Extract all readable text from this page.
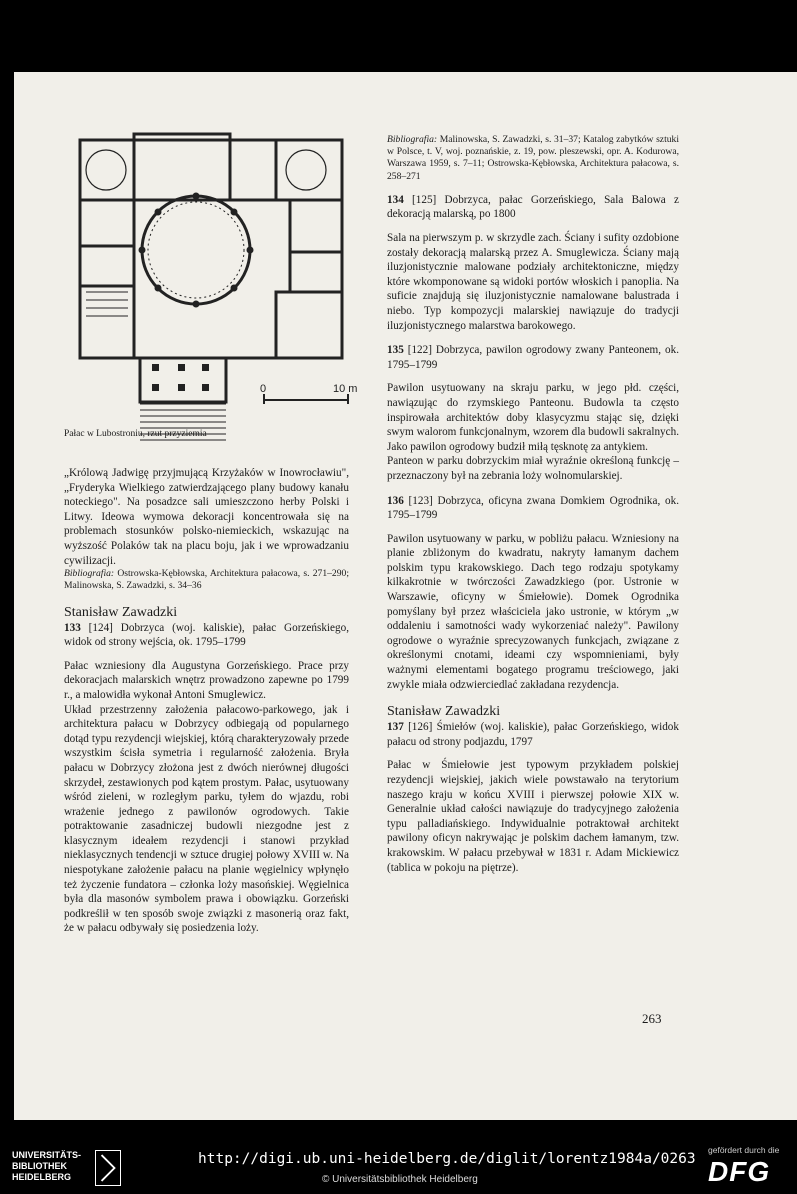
0	10 m
Pałac w Lubostroniu, rzut przyziemia

„Królową Jadwigę przyjmującą Krzyżaków w Inowrocławiu", „Fryderyka Wielkiego zatwierdzającego plany budowy kanału noteckiego". Na posadzce sali umieszczono herby Polski i Litwy. Ideowa wymowa dekoracji koncentrowała się na problemach stosunków polsko-niemieckich, wskazując na wyższość Polaków tak na placu boju, jak i we wprowadzaniu cywilizacji.

Bibliografia: Ostrowska-Kębłowska, Architektura pałacowa, s. 271–290; Malinowska, S. Zawadzki, s. 34–36

Stanisław Zawadzki

133 [124] Dobrzyca (woj. kaliskie), pałac Gorzeńskiego, widok od strony wejścia, ok. 1795–1799

Pałac wzniesiony dla Augustyna Gorzeńskiego. Prace przy dekoracjach malarskich wnętrz prowadzono zapewne po 1799 r., a malowidła wykonał Antoni Smuglewicz.

Układ przestrzenny założenia pałacowo-parkowego, jak i architektura pałacu w Dobrzycy odbiegają od popularnego dotąd typu rezydencji wiejskiej, którą charakteryzowały przede wszystkim ścisła symetria i regularność założenia. Bryła pałacu w Dobrzycy złożona jest z dwóch nierównej długości skrzydeł, zestawionych pod kątem prostym. Pałac, usytuowany wśród zieleni, w rozległym parku, tyłem do wjazdu, robi wrażenie jednego z pawilonów ogrodowych. Takie potraktowanie zasadniczej budowli niezgodne jest z klasycznym ideałem rezydencji i stanowi przykład nieklasycznych tendencji w sztuce drugiej połowy XVIII w. Na niespotykane założenie pałacu na planie węgielnicy wpłynęło też życzenie fundatora – członka loży masońskiej. Węgielnica była dla masonów symbolem prawa i obowiązku. Gorzeński podkreślił w ten sposób swoje związki z masonerią oraz fakt, że w pałacu odbywały się posiedzenia loży.

Bibliografia: Malinowska, S. Zawadzki, s. 31–37; Katalog zabytków sztuki w Polsce, t. V, woj. poznańskie, z. 19, pow. pleszewski, opr. A. Kodurowa, Warszawa 1959, s. 7–11; Ostrowska-Kębłowska, Architektura pałacowa, s. 258–271

134 [125] Dobrzyca, pałac Gorzeńskiego, Sala Balowa z dekoracją malarską, po 1800

Sala na pierwszym p. w skrzydle zach. Ściany i sufity ozdobione zostały dekoracją malarską przez A. Smuglewicza. Ściany mają iluzjonistycznie malowane podziały architektoniczne, między które wkomponowane są widoki portów włoskich i panoplia. Na suficie znajdują się iluzjonistycznie namalowane balustrada i niebo. Typ kompozycji malarskiej nawiązuje do tradycji iluzjonistycznego malarstwa barokowego.

135 [122] Dobrzyca, pawilon ogrodowy zwany Panteonem, ok. 1795–1799

Pawilon usytuowany na skraju parku, w jego płd. części, nawiązując do rzymskiego Panteonu. Budowla ta często inspirowała architektów doby klasycyzmu stając się, dzięki swym walorom funkcjonalnym, wzorem dla budowli sakralnych. Jako pawilon ogrodowy budził miłą tęsknotę za antykiem.

Panteon w parku dobrzyckim miał wyraźnie określoną funkcję – przeznaczony był na zebrania loży wolnomularskiej.

136 [123] Dobrzyca, oficyna zwana Domkiem Ogrodnika, ok. 1795–1799

Pawilon usytuowany w parku, w pobliżu pałacu. Wzniesiony na planie zbliżonym do kwadratu, nakryty łamanym dachem polskim typu krakowskiego. Dach tego rodzaju spotykamy kilkakrotnie w twórczości Zawadzkiego (por. Ustronie w Warszawie, oficyny w Śmiełowie). Domek Ogrodnika pomyślany był przez właściciela jako ustronie, w którym „w oddaleniu i samotności wady wykorzeniać należy". Pawilony ogrodowe o wyraźnie sprecyzowanych funkcjach, związane z określonymi cnotami, ideami czy wspomnieniami, były ważnymi elementami bogatego programu treściowego, jaki zwykle miała odzwierciedlać zakładana rezydencja.

Stanisław Zawadzki

137 [126] Śmiełów (woj. kaliskie), pałac Gorzeńskiego, widok pałacu od strony podjazdu, 1797

Pałac w Śmiełowie jest typowym przykładem polskiej rezydencji wiejskiej, jakich wiele powstawało na terytorium naszego kraju w końcu XVIII i pierwszej połowie XIX w. Generalnie układ całości nawiązuje do tradycyjnego założenia typu palladiańskiego. Indywidualnie potraktował architekt pawilony oficyn nakrywając je polskim dachem łamanym, tzw. krakowskim. W pałacu przebywał w 1831 r. Adam Mickiewicz (tablica w pokoju na piętrze).

263
UNIVERSITÄTS-
BIBLIOTHEK
HEIDELBERG
http://digi.ub.uni-heidelberg.de/diglit/lorentz1984a/0263
© Universitätsbibliothek Heidelberg
gefördert durch die
DFG
